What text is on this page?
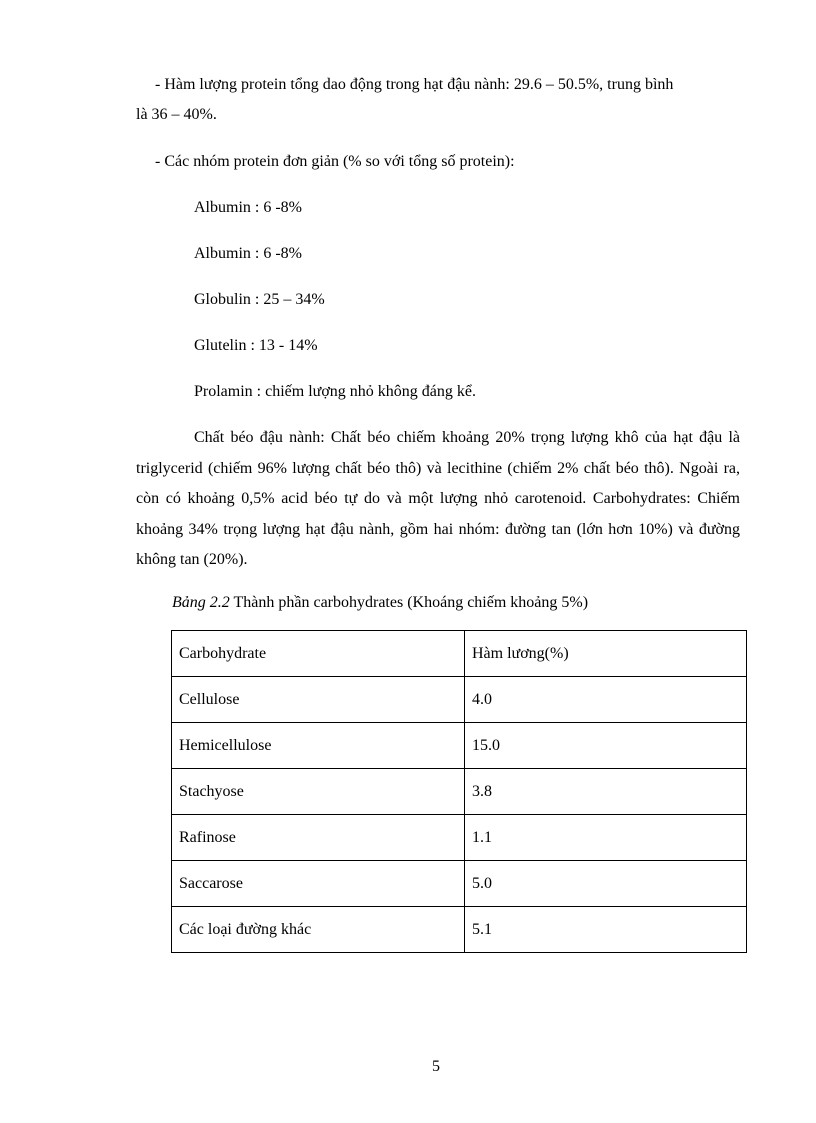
- Hàm lượng protein tổng dao động trong hạt đậu nành: 29.6 – 50.5%, trung bình
là 36 – 40%.
- Các nhóm protein đơn giản (% so với tổng số protein):
Albumin : 6 -8%
Albumin : 6 -8%
Globulin : 25 – 34%
Glutelin : 13 - 14%
Prolamin : chiếm lượng nhỏ không đáng kể.
Chất béo đậu nành: Chất béo chiếm khoảng 20% trọng lượng khô của hạt đậu là triglycerid (chiếm 96% lượng chất béo thô) và lecithine (chiếm 2% chất béo thô). Ngoài ra, còn có khoảng 0,5% acid béo tự do và một lượng nhỏ carotenoid. Carbohydrates: Chiếm khoảng 34% trọng lượng hạt đậu nành, gồm hai nhóm: đường tan (lớn hơn 10%) và đường không tan (20%).
Bảng 2.2 Thành phần carbohydrates (Khoáng chiếm khoảng 5%)
Carbohydrate	Hàm lương(%)
Cellulose	4.0
Hemicellulose	15.0
Stachyose	3.8
Rafinose	1.1
Saccarose	5.0
Các loại đường khác	5.1
5
